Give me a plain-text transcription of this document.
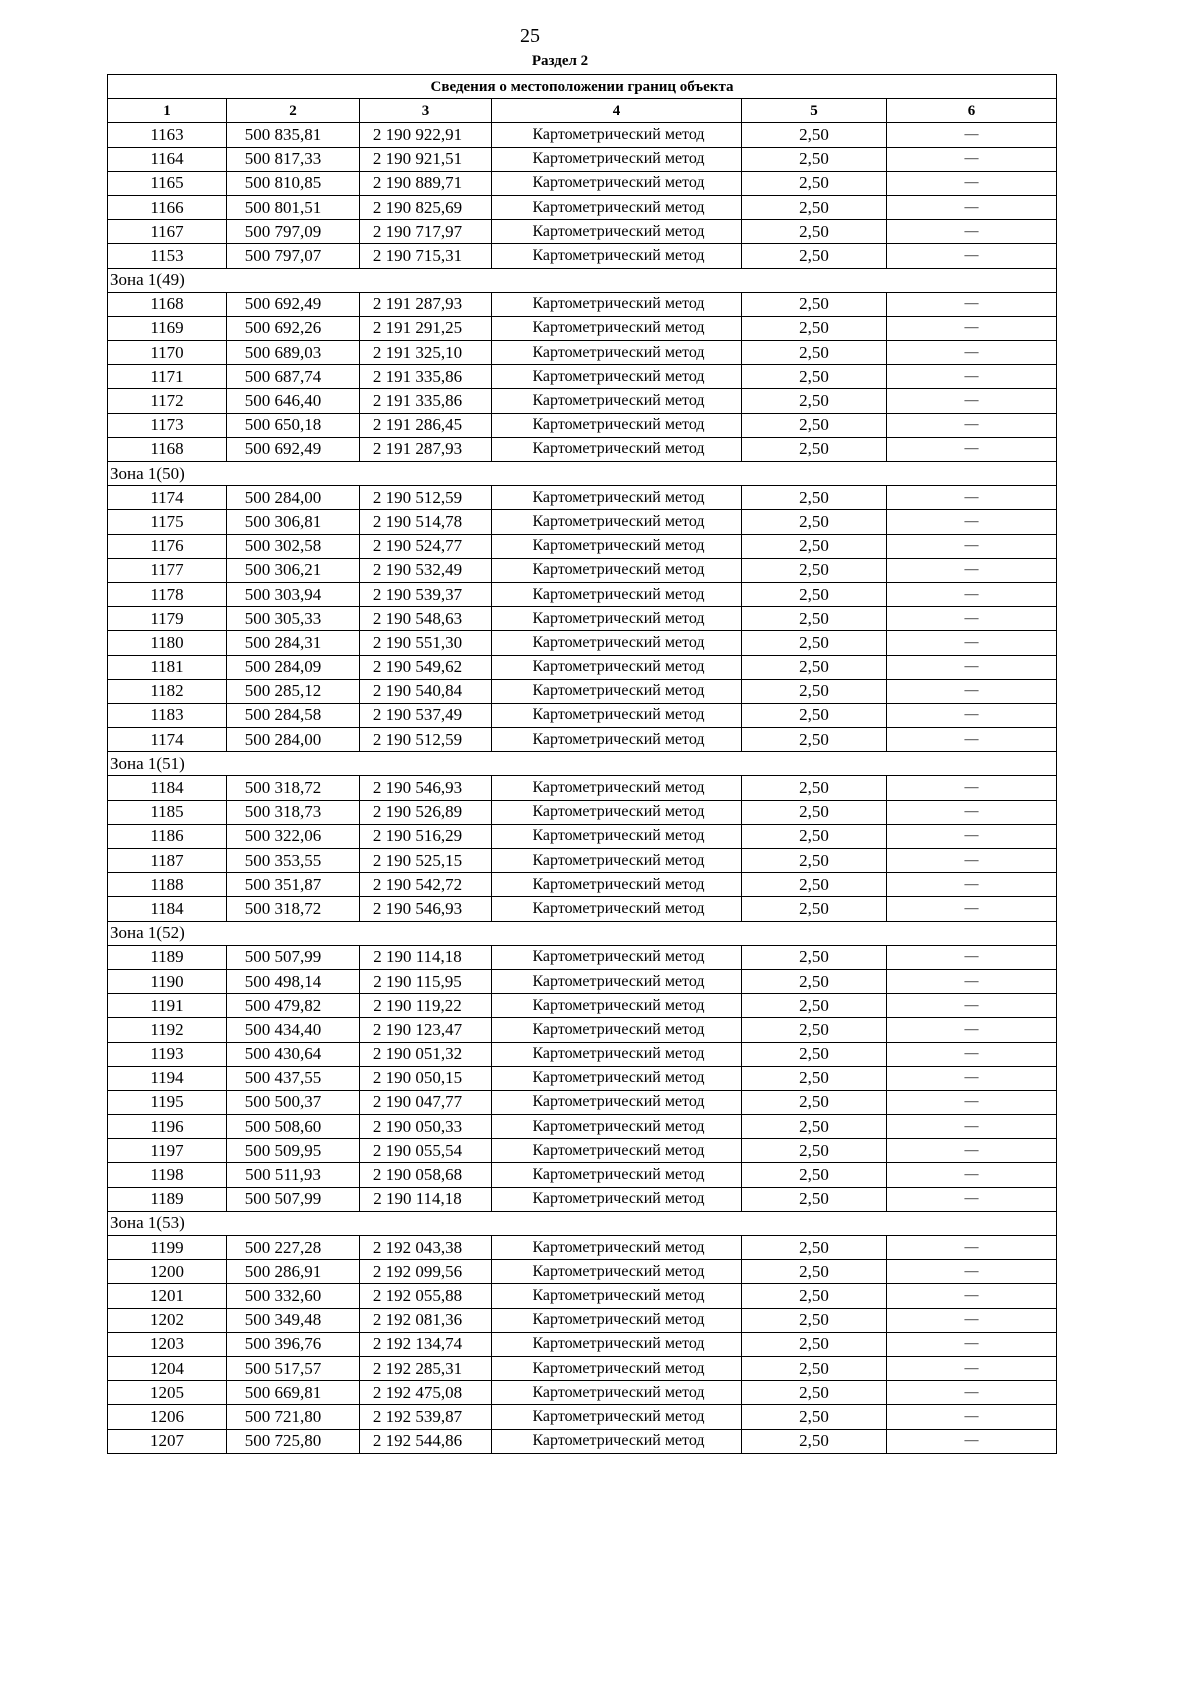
25
Раздел 2
Сведения о местоположении границ объекта					
1	2	3	4	5	6
1163	500 835,81	2 190 922,91	Картометрический метод	2,50	—
1164	500 817,33	2 190 921,51	Картометрический метод	2,50	—
1165	500 810,85	2 190 889,71	Картометрический метод	2,50	—
1166	500 801,51	2 190 825,69	Картометрический метод	2,50	—
1167	500 797,09	2 190 717,97	Картометрический метод	2,50	—
1153	500 797,07	2 190 715,31	Картометрический метод	2,50	—
Зона 1(49)					
1168	500 692,49	2 191 287,93	Картометрический метод	2,50	—
1169	500 692,26	2 191 291,25	Картометрический метод	2,50	—
1170	500 689,03	2 191 325,10	Картометрический метод	2,50	—
1171	500 687,74	2 191 335,86	Картометрический метод	2,50	—
1172	500 646,40	2 191 335,86	Картометрический метод	2,50	—
1173	500 650,18	2 191 286,45	Картометрический метод	2,50	—
1168	500 692,49	2 191 287,93	Картометрический метод	2,50	—
Зона 1(50)					
1174	500 284,00	2 190 512,59	Картометрический метод	2,50	—
1175	500 306,81	2 190 514,78	Картометрический метод	2,50	—
1176	500 302,58	2 190 524,77	Картометрический метод	2,50	—
1177	500 306,21	2 190 532,49	Картометрический метод	2,50	—
1178	500 303,94	2 190 539,37	Картометрический метод	2,50	—
1179	500 305,33	2 190 548,63	Картометрический метод	2,50	—
1180	500 284,31	2 190 551,30	Картометрический метод	2,50	—
1181	500 284,09	2 190 549,62	Картометрический метод	2,50	—
1182	500 285,12	2 190 540,84	Картометрический метод	2,50	—
1183	500 284,58	2 190 537,49	Картометрический метод	2,50	—
1174	500 284,00	2 190 512,59	Картометрический метод	2,50	—
Зона 1(51)					
1184	500 318,72	2 190 546,93	Картометрический метод	2,50	—
1185	500 318,73	2 190 526,89	Картометрический метод	2,50	—
1186	500 322,06	2 190 516,29	Картометрический метод	2,50	—
1187	500 353,55	2 190 525,15	Картометрический метод	2,50	—
1188	500 351,87	2 190 542,72	Картометрический метод	2,50	—
1184	500 318,72	2 190 546,93	Картометрический метод	2,50	—
Зона 1(52)					
1189	500 507,99	2 190 114,18	Картометрический метод	2,50	—
1190	500 498,14	2 190 115,95	Картометрический метод	2,50	—
1191	500 479,82	2 190 119,22	Картометрический метод	2,50	—
1192	500 434,40	2 190 123,47	Картометрический метод	2,50	—
1193	500 430,64	2 190 051,32	Картометрический метод	2,50	—
1194	500 437,55	2 190 050,15	Картометрический метод	2,50	—
1195	500 500,37	2 190 047,77	Картометрический метод	2,50	—
1196	500 508,60	2 190 050,33	Картометрический метод	2,50	—
1197	500 509,95	2 190 055,54	Картометрический метод	2,50	—
1198	500 511,93	2 190 058,68	Картометрический метод	2,50	—
1189	500 507,99	2 190 114,18	Картометрический метод	2,50	—
Зона 1(53)					
1199	500 227,28	2 192 043,38	Картометрический метод	2,50	—
1200	500 286,91	2 192 099,56	Картометрический метод	2,50	—
1201	500 332,60	2 192 055,88	Картометрический метод	2,50	—
1202	500 349,48	2 192 081,36	Картометрический метод	2,50	—
1203	500 396,76	2 192 134,74	Картометрический метод	2,50	—
1204	500 517,57	2 192 285,31	Картометрический метод	2,50	—
1205	500 669,81	2 192 475,08	Картометрический метод	2,50	—
1206	500 721,80	2 192 539,87	Картометрический метод	2,50	—
1207	500 725,80	2 192 544,86	Картометрический метод	2,50	—
